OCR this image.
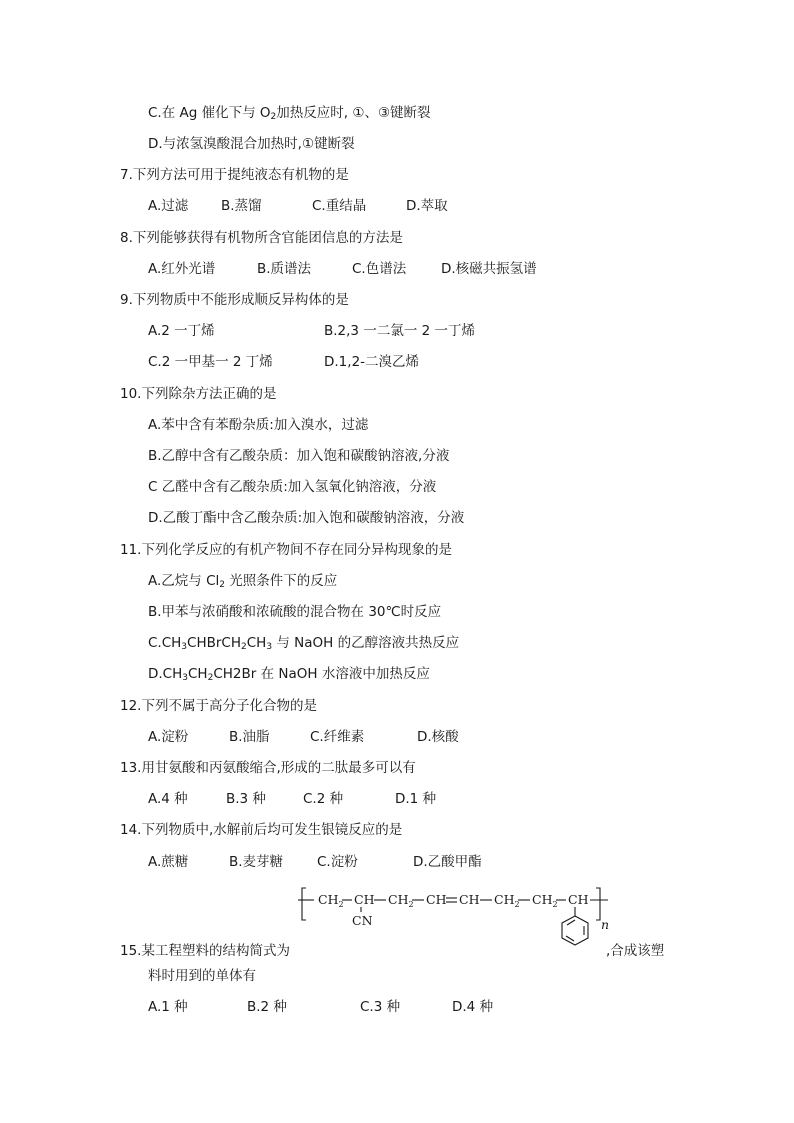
C.在 Ag 催化下与 $O_2$加热反应时, ①、③键断裂
D.与浓氢溴酸混合加热时,①键断裂
7.下列方法可用于提纯液态有机物的是
A.过滤 B.蒸馏	C.重结晶	D.萃取
8.下列能够获得有机物所含官能团信息的方法是
A.红外光谱	B.质谱法	C.色谱法	D.核磁共振氢谱
9.下列物质中不能形成顺反异构体的是
A.2 一丁烯	B.2,3 一二氯一 2 一丁烯
C.2 一甲基一 2 丁烯	D.1,2-二溴乙烯
10.下列除杂方法正确的是
A.苯中含有苯酚杂质:加入溴水，过滤
B.乙醇中含有乙酸杂质：加入饱和碳酸钠溶液,分液
C 乙醛中含有乙酸杂质:加入氢氧化钠溶液，分液
D.乙酸丁酯中含乙酸杂质:加入饱和碳酸钠溶液，分液
11.下列化学反应的有机产物间不存在同分异构现象的是
A.乙烷与 $Cl_2$ 光照条件下的反应
B.甲苯与浓硝酸和浓硫酸的混合物在 30℃时反应
$C.CH_3CHBrCH_2CH_3$ 与 NaOH 的乙醇溶液共热反应
$D.CH_3CH_2CH2Br$ 在 NaOH 水溶液中加热反应
12.下列不属于高分子化合物的是
A.淀粉	B.油脂	C.纤维素	D.核酸
13.用甘氨酸和丙氨酸缩合,形成的二肽最多可以有
A.4 种	B.3 种	C.2 种	D.1 种
14.下列物质中,水解前后均可发生银镜反应的是
A.蔗糖	B.麦芽糖	C.淀粉	D.乙酸甲酯
$CH_2$ CH
CN
$CH_2$ CH CH $CH_2$ $CH_2$ CH
n
15.某工程塑料的结构简式为	,合成该塑
料时用到的单体有
A.1 种	B.2 种	C.3 种	D.4 种
